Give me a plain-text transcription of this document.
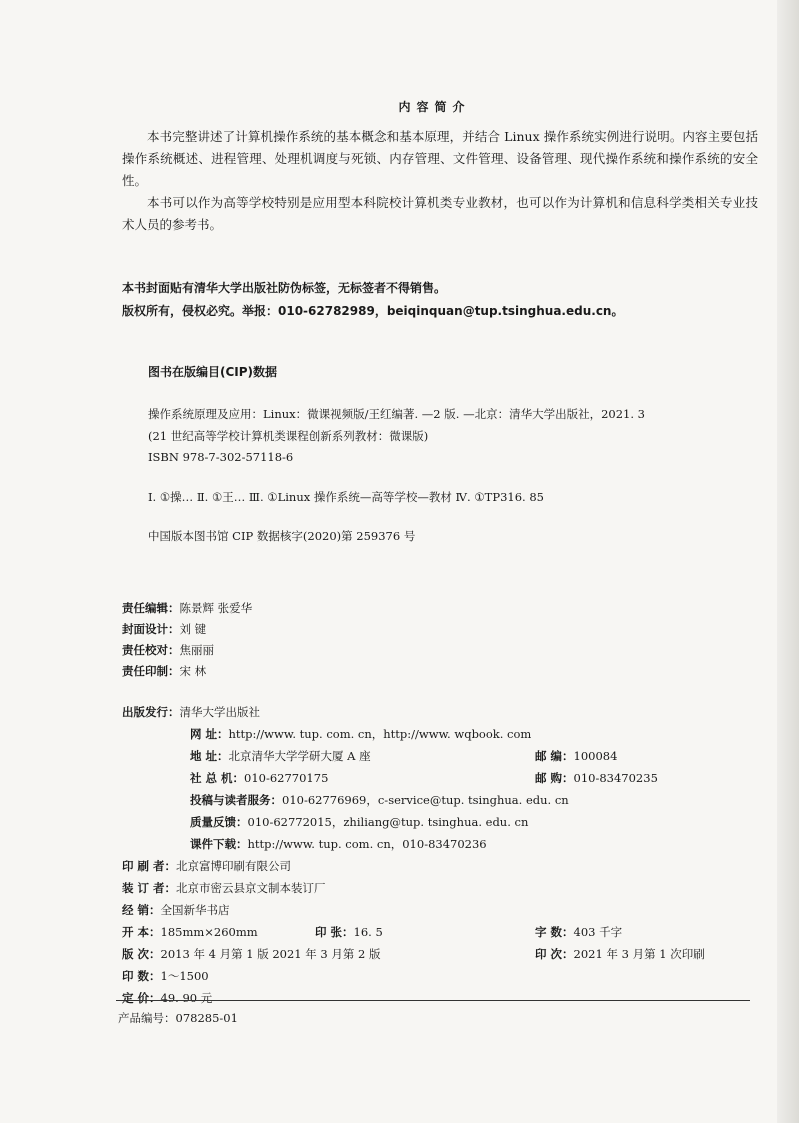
内容简介
本书完整讲述了计算机操作系统的基本概念和基本原理，并结合 Linux 操作系统实例进行说明。内容主要包括操作系统概述、进程管理、处理机调度与死锁、内存管理、文件管理、设备管理、现代操作系统和操作系统的安全性。
本书可以作为高等学校特别是应用型本科院校计算机类专业教材，也可以作为计算机和信息科学类相关专业技术人员的参考书。
本书封面贴有清华大学出版社防伪标签，无标签者不得销售。
版权所有，侵权必究。举报：010-62782989，beiqinquan@tup.tsinghua.edu.cn。
图书在版编目(CIP)数据
操作系统原理及应用：Linux：微课视频版/王红编著. —2 版. —北京：清华大学出版社，2021. 3
(21 世纪高等学校计算机类课程创新系列教材：微课版)
ISBN 978-7-302-57118-6
Ⅰ. ①操… Ⅱ. ①王… Ⅲ. ①Linux 操作系统—高等学校—教材 Ⅳ. ①TP316. 85
中国版本图书馆 CIP 数据核字(2020)第 259376 号
责任编辑：陈景辉 张爱华
封面设计：刘 键
责任校对：焦丽丽
责任印制：宋 林
出版发行：清华大学出版社
网 址：http://www. tup. com. cn，http://www. wqbook. com
地 址：北京清华大学学研大厦 A 座	邮 编：100084
社 总 机：010-62770175	邮 购：010-83470235
投稿与读者服务：010-62776969，c-service@tup. tsinghua. edu. cn
质量反馈：010-62772015，zhiliang@tup. tsinghua. edu. cn
课件下载：http://www. tup. com. cn，010-83470236
印 刷 者：北京富博印刷有限公司
装 订 者：北京市密云县京文制本装订厂
经 销：全国新华书店
开 本：185mm×260mm	印 张：16. 5	字 数：403 千字
版 次：2013 年 4 月第 1 版 2021 年 3 月第 2 版	印 次：2021 年 3 月第 1 次印刷
印 数：1～1500
定 价：49. 90 元
产品编号：078285-01
